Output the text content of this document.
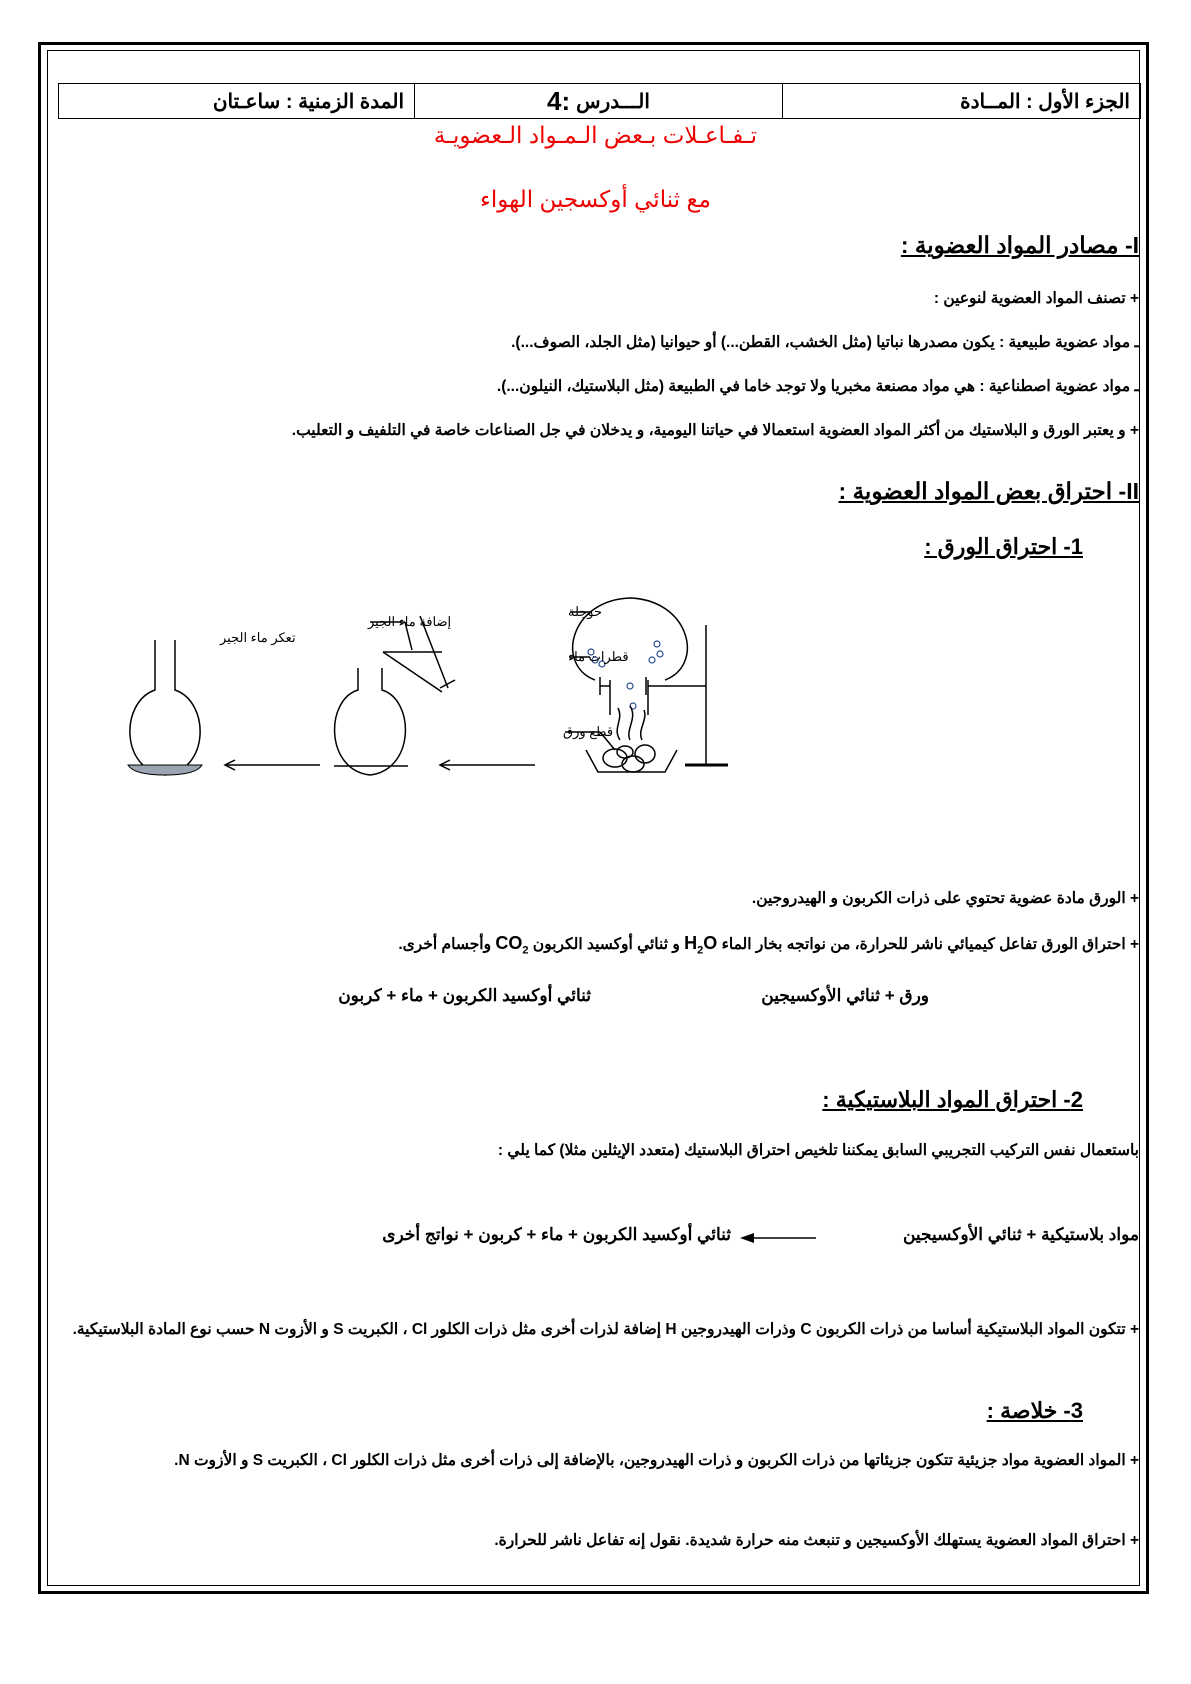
المدة الزمنية : ساعـتان	الـــدرس
4:	الجزء الأول : المــادة
تـفـاعـلات بـعض الـمـواد الـعضويـة
مع ثنائي أوكسجين الهواء
I- مصادر المواد العضوية :
+ تصنف المواد العضوية لنوعين :
ـ مواد عضوية طبيعية : يكون مصدرها نباتيا (مثل الخشب، القطن...) أو حيوانيا (مثل الجلد، الصوف...).
ـ مواد عضوية اصطناعية : هي مواد مصنعة مخبريا ولا توجد خاما في الطبيعة (مثل البلاستيك، النيلون...).
+ و يعتبر الورق و البلاستيك من أكثر المواد العضوية استعمالا في حياتنا اليومية، و يدخلان في جل الصناعات خاصة في التلفيف و التعليب.
II- احتراق بعض المواد العضوية :
1- احتراق الورق :
حوجلة
قطرات ماء
قطع ورق
إضافة ماء الجير
تعكر ماء الجير
+ الورق مادة عضوية تحتوي على ذرات الكربون و الهيدروجين.
+ احتراق الورق تفاعل كيميائي ناشر للحرارة، من نواتجه بخار الماء $H_2O$ و ثنائي أوكسيد الكربون $CO_2$ وأجسام أخرى.
ورق + ثنائي الأوكسيجين
ثنائي أوكسيد الكربون + ماء + كربون
2- احتراق المواد البلاستيكية :
باستعمال نفس التركيب التجريبي السابق يمكننا تلخيص احتراق البلاستيك (متعدد الإيثلين مثلا) كما يلي :
مواد بلاستيكية + ثنائي الأوكسيجين
ثنائي أوكسيد الكربون + ماء + كربون + نواتج أخرى
+ تتكون المواد البلاستيكية أساسا من ذرات الكربون C وذرات الهيدروجين H إضافة لذرات أخرى مثل ذرات الكلور Cl ، الكبريت S و الأزوت N حسب نوع المادة البلاستيكية.
3- خلاصة :
+ المواد العضوية مواد جزيئية تتكون جزيئاتها من ذرات الكربون و ذرات الهيدروجين، بالإضافة إلى ذرات أخرى مثل ذرات الكلور Cl ، الكبريت S و الأزوت N.
+ احتراق المواد العضوية يستهلك الأوكسيجين و تنبعث منه حرارة شديدة. نقول إنه تفاعل ناشر للحرارة.
